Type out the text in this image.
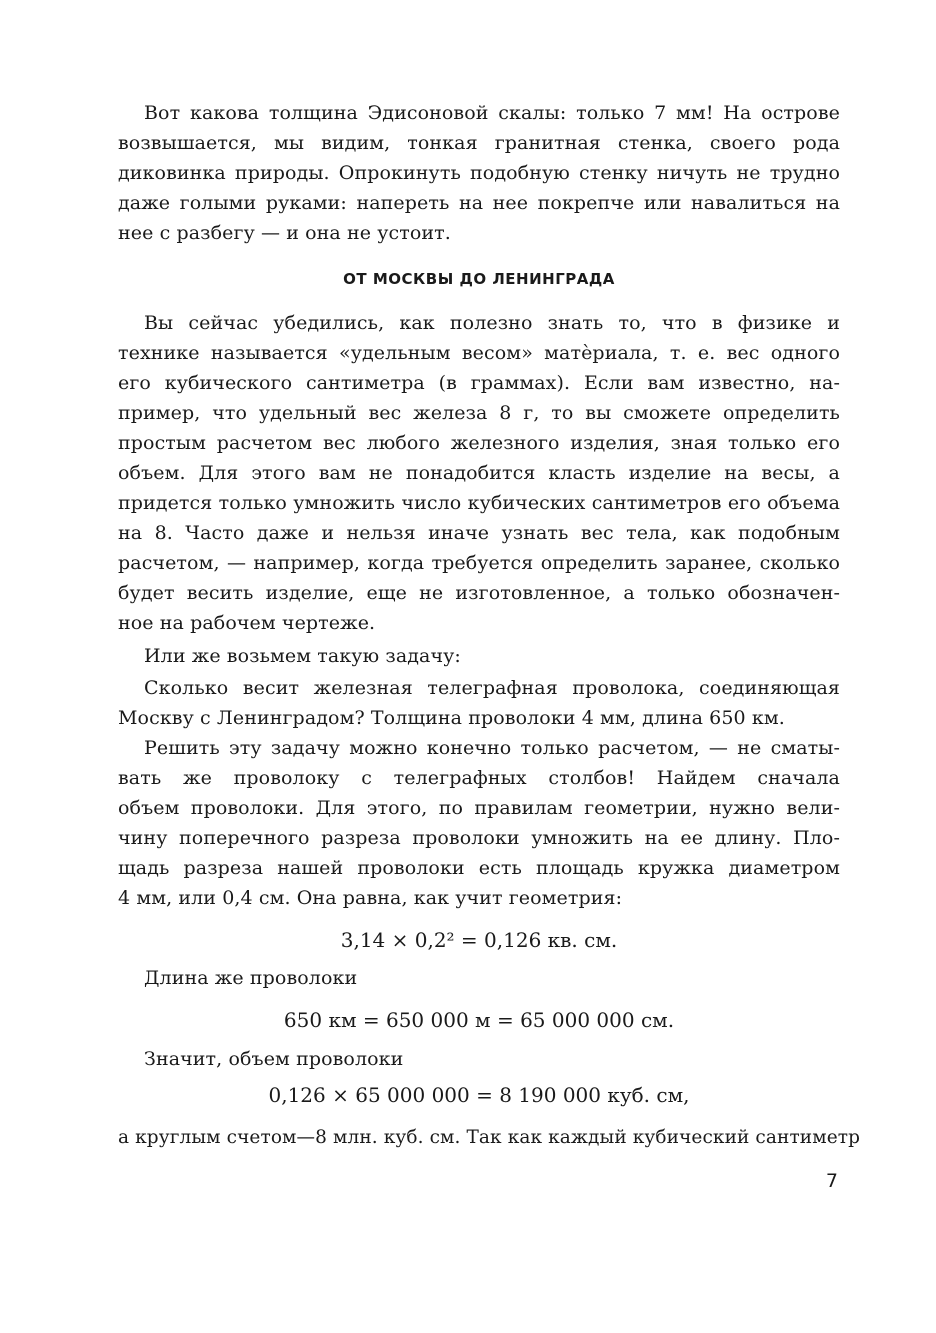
Вот какова толщина Эдисоновой скалы: только 7 мм! На острове
возвышается, мы видим, тонкая гранитная стенка, своего рода
диковинка природы. Опрокинуть подобную стенку ничуть не трудно
даже голыми руками: напереть на нее покрепче или навалиться на
нее с разбегу — и она не устоит.
ОТ МОСКВЫ ДО ЛЕНИНГРАДА
Вы сейчас убедились, как полезно знать то, что в физике и
технике называется «удельным весом» матèриала, т. е. вес одного
его кубического сантиметра (в граммах). Если вам известно, на-
пример, что удельный вес железа 8 г, то вы сможете определить
простым расчетом вес любого железного изделия, зная только его
объем. Для этого вам не понадобится класть изделие на весы, а
придется только умножить число кубических сантиметров его объема
на 8. Часто даже и нельзя иначе узнать вес тела, как подобным
расчетом, — например, когда требуется определить заранее, сколько
будет весить изделие, еще не изготовленное, а только обозначен-
ное на рабочем чертеже.
Или же возьмем такую задачу:
Сколько весит железная телеграфная проволока, соединяющая
Москву с Ленинградом? Толщина проволоки 4 мм, длина 650 км.
Решить эту задачу можно конечно только расчетом, — не сматы-
вать же проволоку с телеграфных столбов! Найдем сначала
объем проволоки. Для этого, по правилам геометрии, нужно вели-
чину поперечного разреза проволоки умножить на ее длину. Пло-
щадь разреза нашей проволоки есть площадь кружка диаметром
4 мм, или 0,4 см. Она равна, как учит геометрия:
3,14 × 0,2² = 0,126 кв. см.
Длина же проволоки
650 км = 650 000 м = 65 000 000 см.
Значит, объем проволоки
0,126 × 65 000 000 = 8 190 000 куб. см,
а круглым счетом—8 млн. куб. см. Так как каждый кубический сантиметр
7
